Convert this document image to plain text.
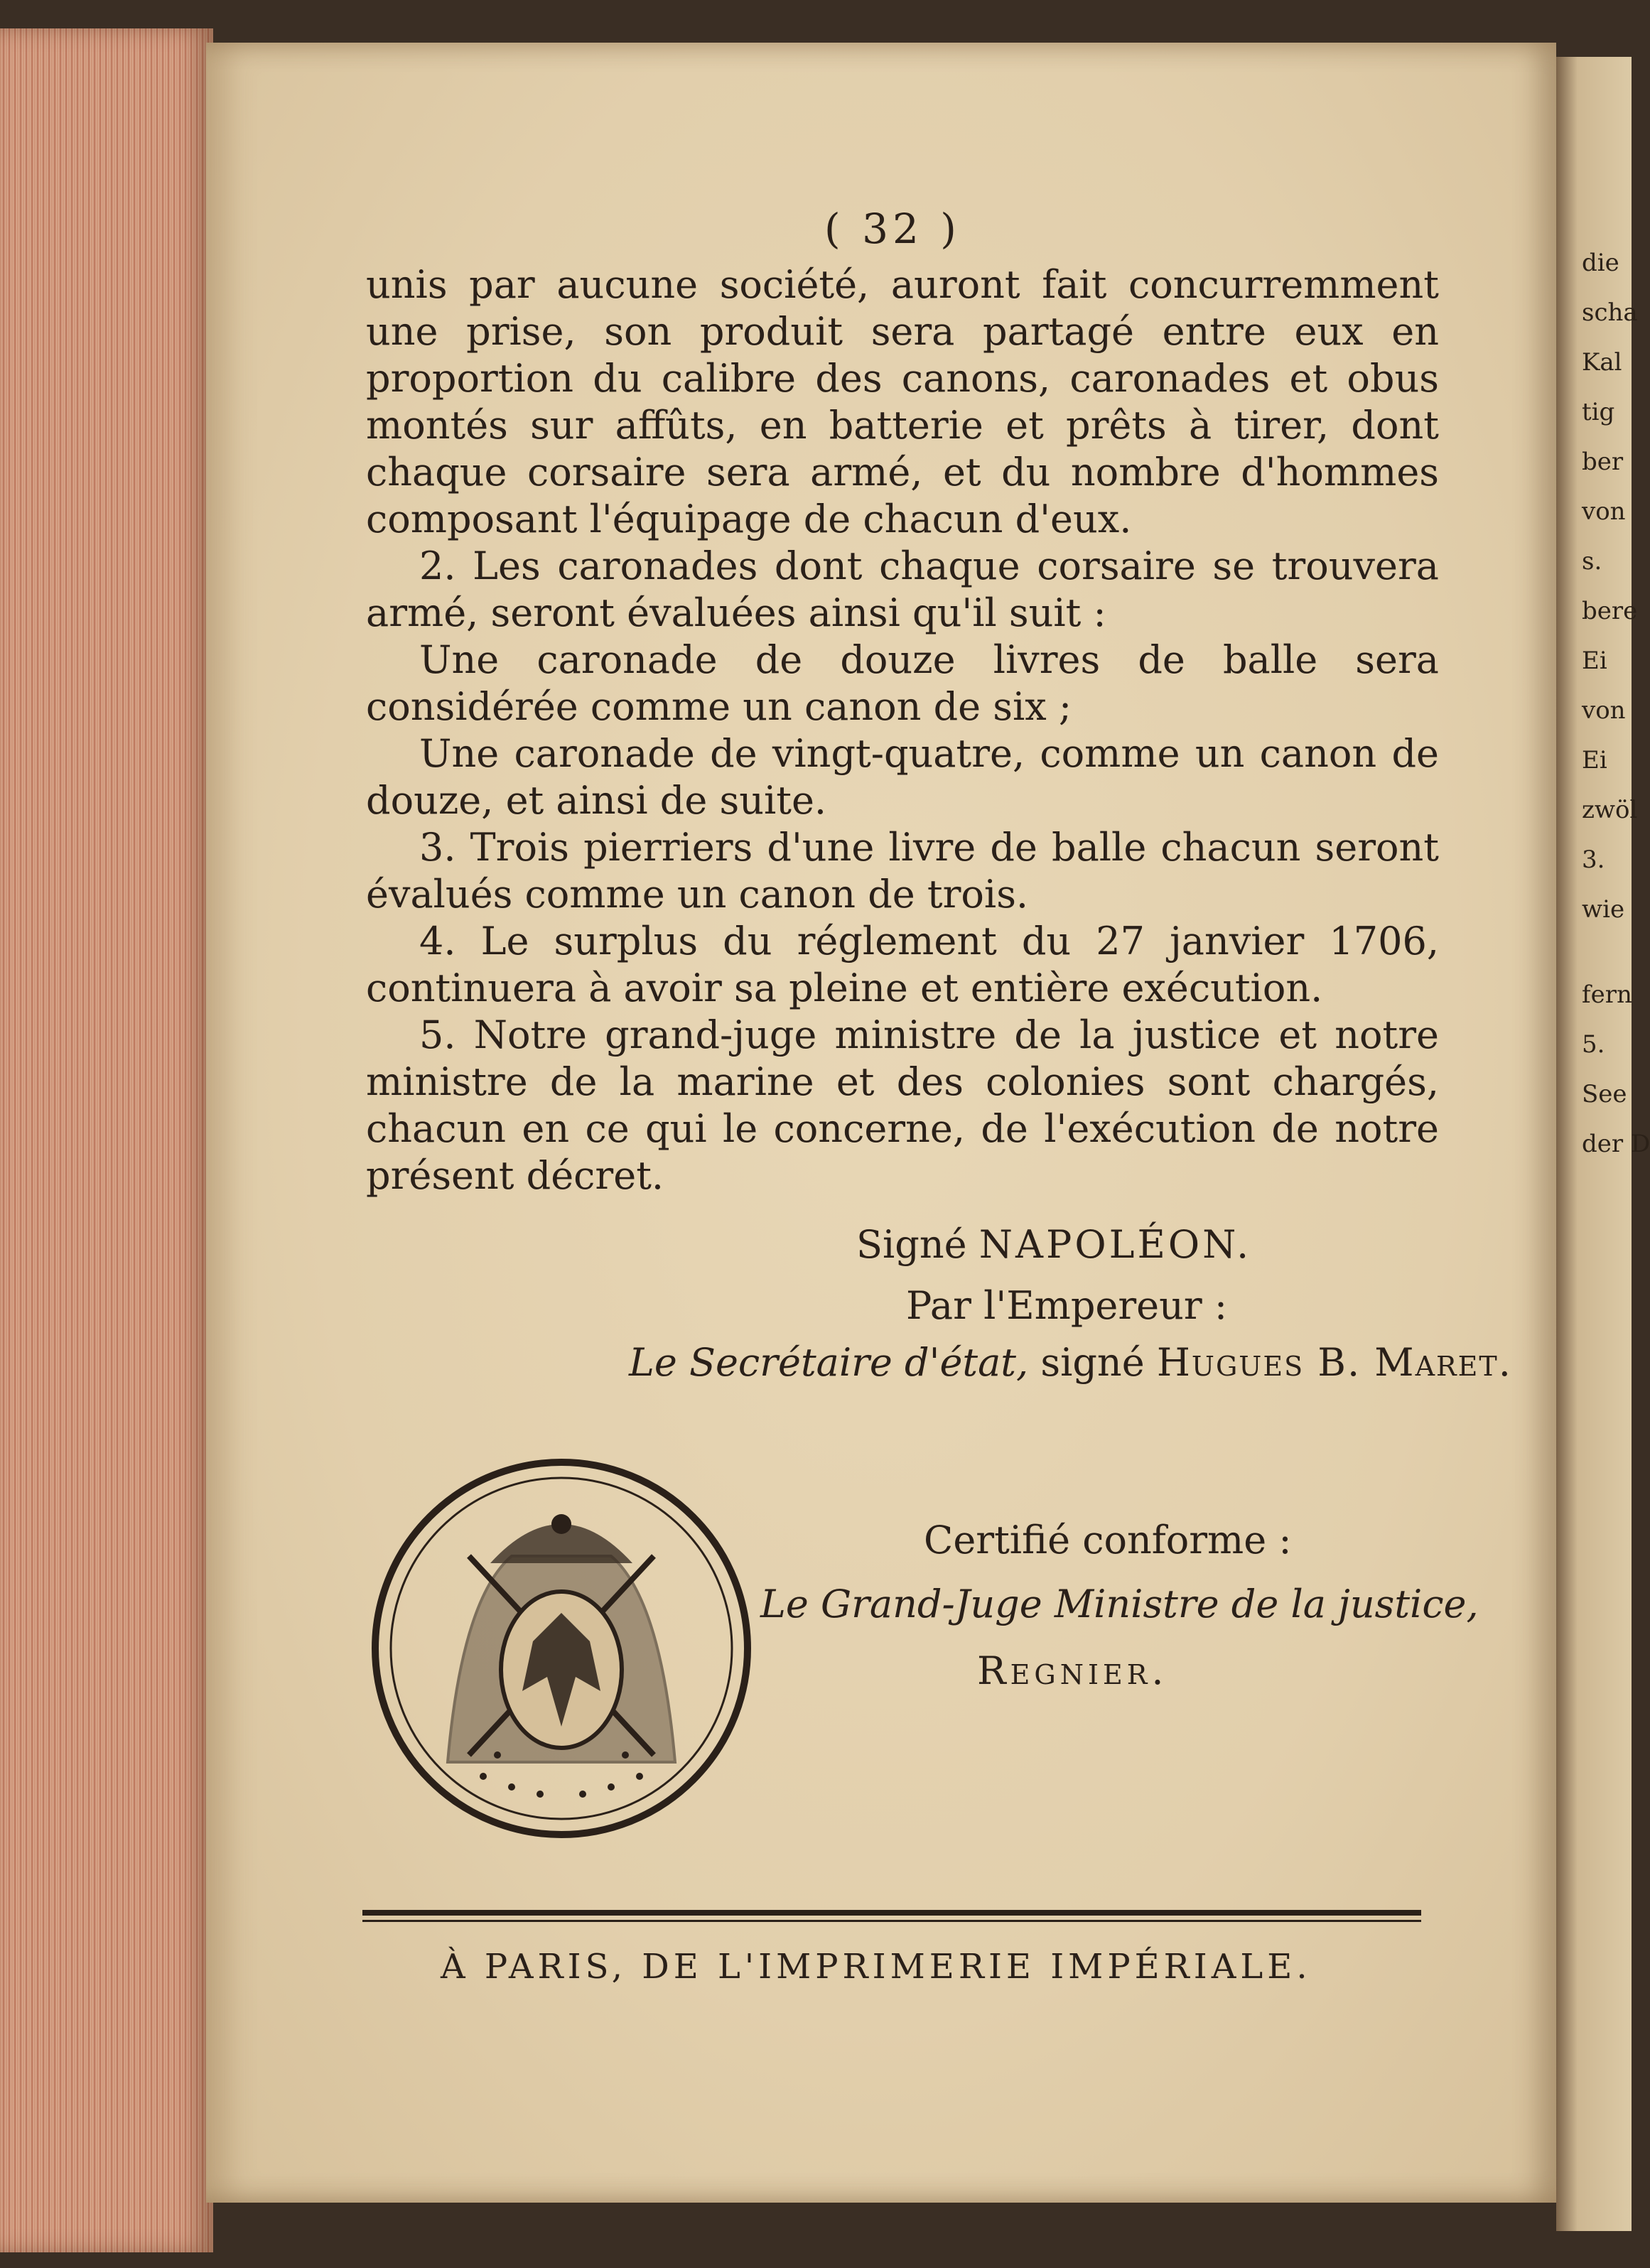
die
scha
Kal
tig
ber
von
s.
bere
Ei
von
Ei
zwöl
3.
wie
fern
5.
See
der D
( 32 )

unis par aucune société, auront fait concurremment une prise, son produit sera partagé entre eux en proportion du calibre des canons, caronades et obus montés sur affûts, en batterie et prêts à tirer, dont chaque corsaire sera armé, et du nombre d'hommes composant l'équipage de chacun d'eux.

2. Les caronades dont chaque corsaire se trouvera armé, seront évaluées ainsi qu'il suit :

Une caronade de douze livres de balle sera considérée comme un canon de six ;

Une caronade de vingt-quatre, comme un canon de douze, et ainsi de suite.

3. Trois pierriers d'une livre de balle chacun seront évalués comme un canon de trois.

4. Le surplus du réglement du 27 janvier 1706, continuera à avoir sa pleine et entière exécution.

5. Notre grand-juge ministre de la justice et notre ministre de la marine et des colonies sont chargés, chacun en ce qui le concerne, de l'exécution de notre présent décret.

Signé NAPOLÉON.
Par l'Empereur :
Le Secrétaire d'état, signé Hugues B. Maret.
Certifié conforme :
Le Grand-Juge Ministre de la justice,
Regnier.
À PARIS, DE L'IMPRIMERIE IMPÉRIALE.
